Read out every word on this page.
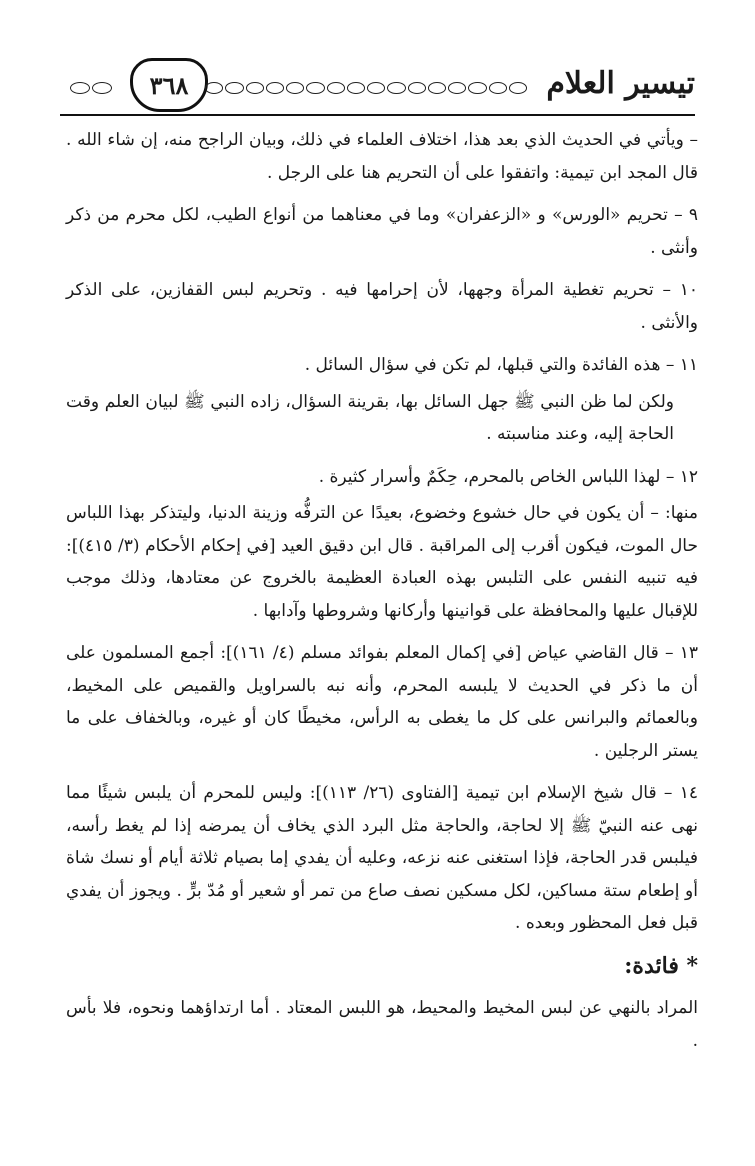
٣٦٨	تيسير العلام

– ويأتي في الحديث الذي بعد هذا، اختلاف العلماء في ذلك، وبيان الراجح منه، إن شاء الله . قال المجد ابن تيمية: واتفقوا على أن التحريم هنا على الرجل .

٩ – تحريم «الورس» و «الزعفران» وما في معناهما من أنواع الطيب، لكل محرم من ذكر وأنثى .

١٠ – تحريم تغطية المرأة وجهها، لأن إحرامها فيه . وتحريم لبس القفازين، على الذكر والأنثى .

١١ – هذه الفائدة والتي قبلها، لم تكن في سؤال السائل .

ولكن لما ظن النبي ﷺ جهل السائل بها، بقرينة السؤال، زاده النبي ﷺ لبيان العلم وقت الحاجة إليه، وعند مناسبته .

١٢ – لهذا اللباس الخاص بالمحرم، حِكَمٌ وأسرار كثيرة .

منها: – أن يكون في حال خشوع وخضوع، بعيدًا عن الترفُّه وزينة الدنيا، وليتذكر بهذا اللباس حال الموت، فيكون أقرب إلى المراقبة . قال ابن دقيق العيد [في إحكام الأحكام (٣/ ٤١٥)]: فيه تنبيه النفس على التلبس بهذه العبادة العظيمة بالخروج عن معتادها، وذلك موجب للإقبال عليها والمحافظة على قوانينها وأركانها وشروطها وآدابها .

١٣ – قال القاضي عياض [في إكمال المعلم بفوائد مسلم (٤/ ١٦١)]: أجمع المسلمون على أن ما ذكر في الحديث لا يلبسه المحرم، وأنه نبه بالسراويل والقميص على المخيط، وبالعمائم والبرانس على كل ما يغطى به الرأس، مخيطًا كان أو غيره، وبالخفاف على ما يستر الرجلين .

١٤ – قال شيخ الإسلام ابن تيمية [الفتاوى (٢٦/ ١١٣)]: وليس للمحرم أن يلبس شيئًا مما نهى عنه النبيّ ﷺ إلا لحاجة، والحاجة مثل البرد الذي يخاف أن يمرضه إذا لم يغط رأسه، فيلبس قدر الحاجة، فإذا استغنى عنه نزعه، وعليه أن يفدي إما بصيام ثلاثة أيام أو نسك شاة أو إطعام ستة مساكين، لكل مسكين نصف صاع من تمر أو شعير أو مُدّ برٍّ . ويجوز أن يفدي قبل فعل المحظور وبعده .

* فائدة:

المراد بالنهي عن لبس المخيط والمحيط، هو اللبس المعتاد . أما ارتداؤهما ونحوه، فلا بأس .
